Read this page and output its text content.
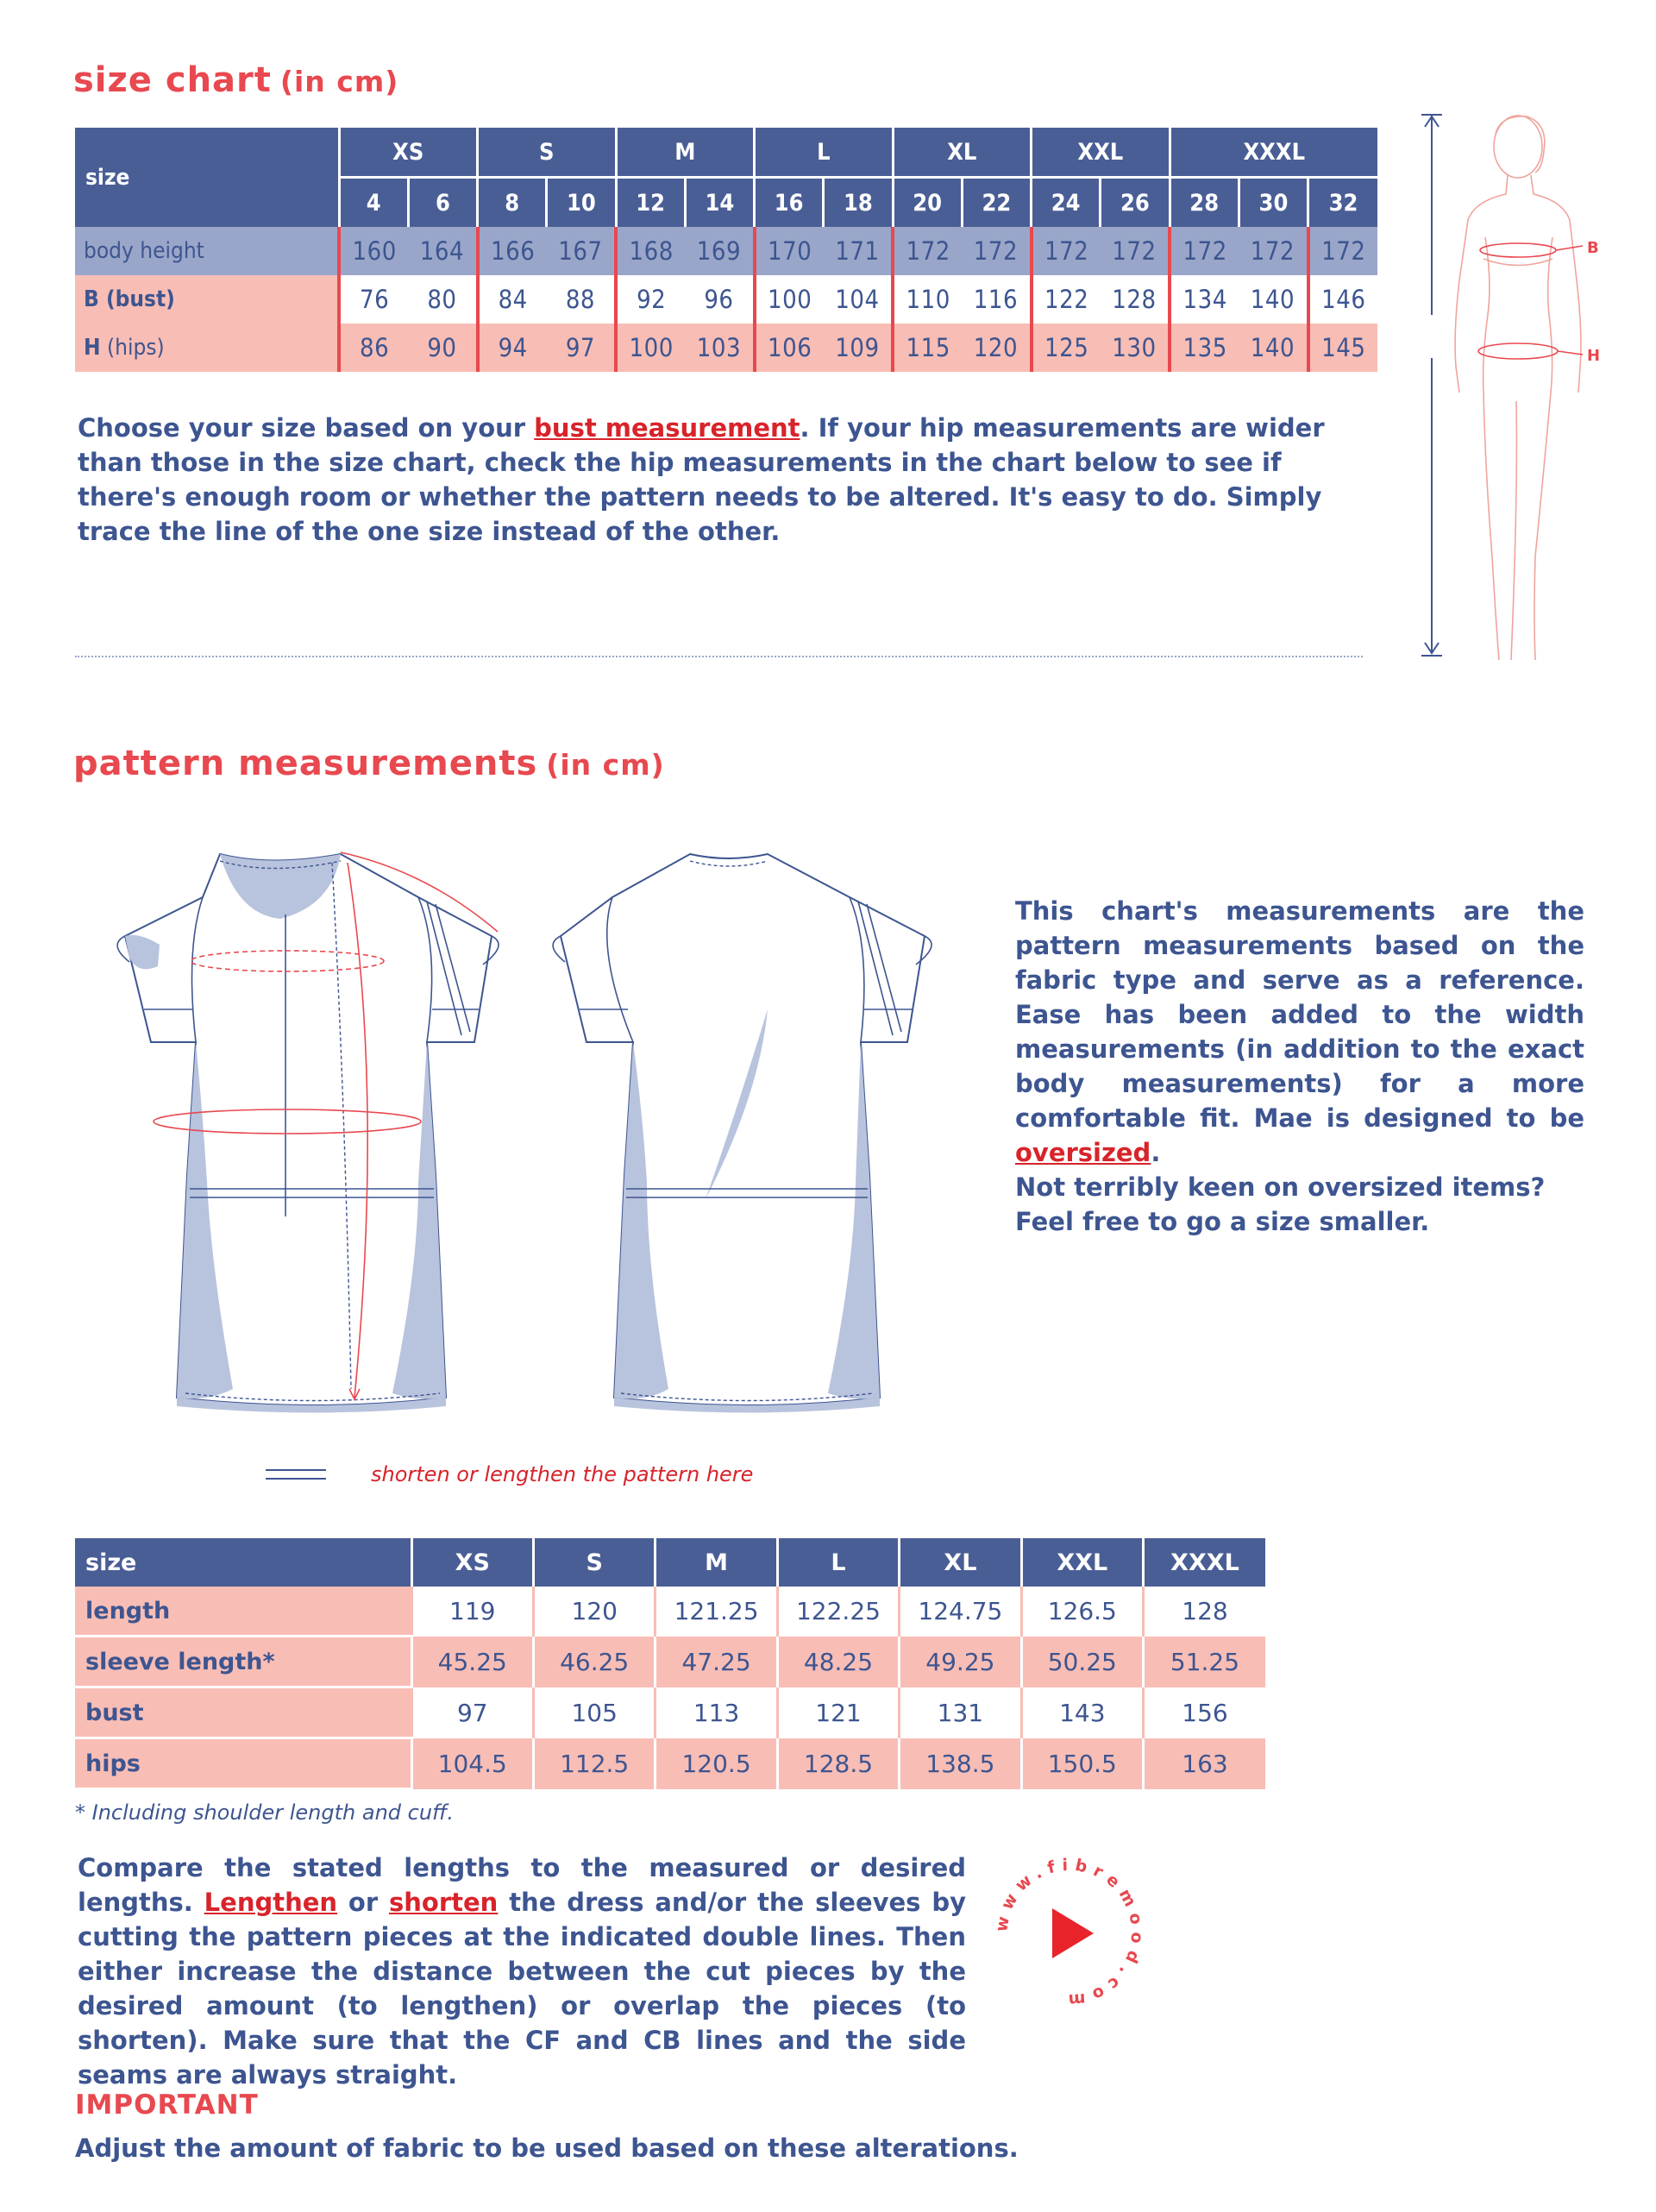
size chart (in cm)
size	XS		S		M		L		XL		XXL		XXXL		
	4	6	8	10	12	14	16	18	20	22	24	26	28	30	32
body height	160	164	166	167	168	169	170	171	172	172	172	172	172	172	172
B (bust)	76	80	84	88	92	96	100	104	110	116	122	128	134	140	146
H (hips)	86	90	94	97	100	103	106	109	115	120	125	130	135	140	145
Choose your size based on your bust measurement. If your hip measurements are wider than those in the size chart, check the hip measurements in the chart below to see if there's enough room or whether the pattern needs to be altered. It's easy to do. Simply trace the line of the one size instead of the other.
B
H
pattern measurements (in cm)
This chart's measurements are the pattern measurements based on the fabric type and serve as a reference. Ease has been added to the width measurements (in addition to the exact body measurements) for a more comfortable fit. Mae is designed to be oversized.
Not terribly keen on oversized items? Feel free to go a size smaller.
shorten or lengthen the pattern here
size	XS	S	M	L	XL	XXL	XXXL
length	119	120	121.25	122.25	124.75	126.5	128
sleeve length*	45.25	46.25	47.25	48.25	49.25	50.25	51.25
bust	97	105	113	121	131	143	156
hips	104.5	112.5	120.5	128.5	138.5	150.5	163
* Including shoulder length and cuff.
Compare the stated lengths to the measured or desired lengths. Lengthen or shorten the dress and/or the sleeves by cutting the pattern pieces at the indicated double lines. Then either increase the distance between the cut pieces by the desired amount (to lengthen) or overlap the pieces (to shorten). Make sure that the CF and CB lines and the side seams are always straight.
www.fibremood.com
IMPORTANT
Adjust the amount of fabric to be used based on these alterations.
